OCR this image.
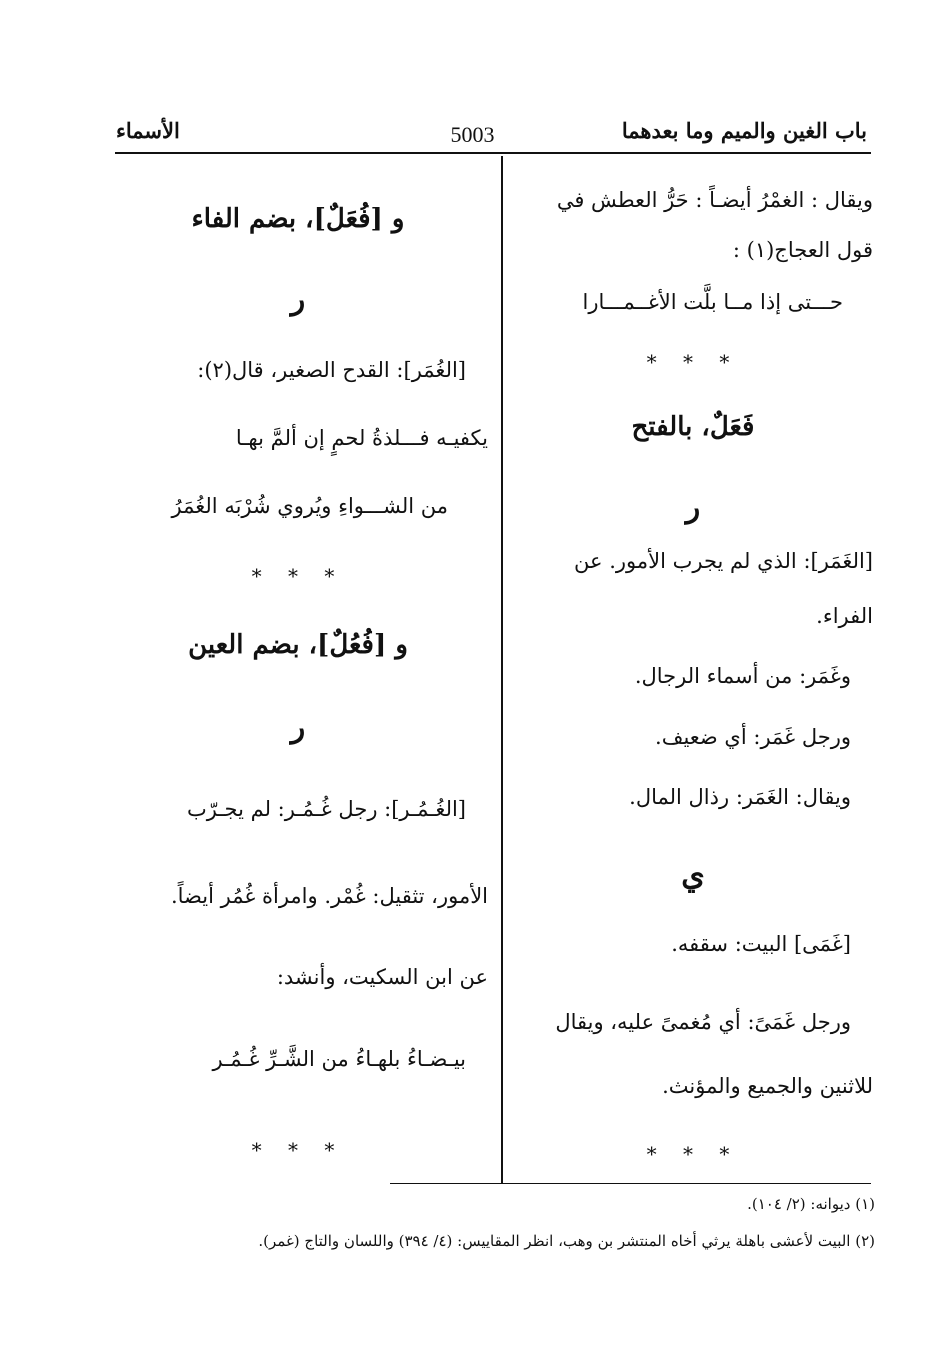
باب الغين والميم وما بعدهما
5003
الأسماء
ويقال : الغمْرُ أيضـاً : حَرُّ العطش في
قول العجاج(١) :
حـــتى إذا مــا بلَّت الأغــمـــارا
* * *
فَعَلٌ، بالفتح
ر
[الغَمَر]: الذي لم يجرب الأمور. عن
الفراء.
وغَمَر: من أسماء الرجال.
ورجل غَمَر: أي ضعيف.
ويقال: الغَمَر: رذال المال.
ي
[غَمَى] البيت: سقفه.
ورجل غَمَىً: أي مُغمىً عليه، ويقال
للاثنين والجميع والمؤنث.
* * *
و [فُعَلٌ]، بضم الفاء
ر
[الغُمَر]: القدح الصغير، قال(٢):
يكفيـه فـــلذةُ لحمٍ إن ألمَّ بهـا
من الشـــواءِ ويُروي شُرْبَه الغُمَرُ
* * *
و [فُعُلٌ]، بضم العين
ر
[الغُـمُـر]: رجل غُـمُـر: لم يجـرّب
الأمور، تثقيل: غُمْر. وامرأة غُمُر أيضاً.
عن ابن السكيت، وأنشد:
بيـضـاءُ بلهـاءُ من الشَّـرِّ غُـمُـر
* * *
(١) ديوانه: (٢/ ١٠٤).
(٢) البيت لأعشى باهلة يرثي أخاه المنتشر بن وهب، انظر المقاييس: (٤/ ٣٩٤) واللسان والتاج (غمر).
